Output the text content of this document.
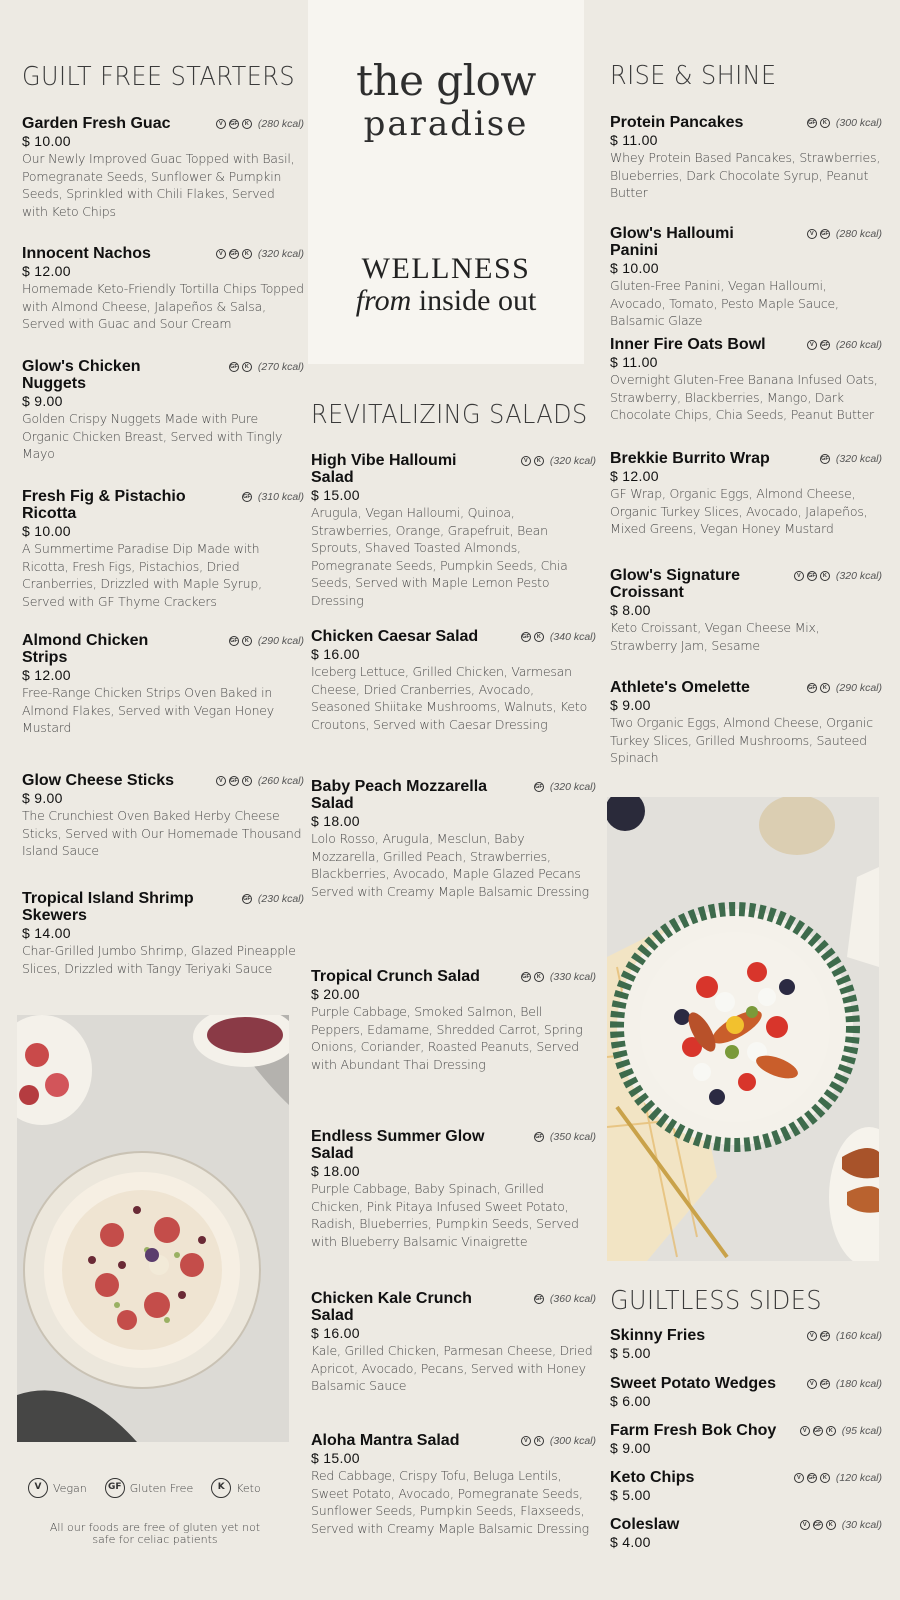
the glow
paradise
WELLNESS
from inside out
GUILT FREE STARTERS
Garden Fresh Guac	V	GF	K (280 kcal)
$ 10.00
Our Newly Improved Guac Topped with Basil, Pomegranate Seeds, Sunflower & Pumpkin Seeds, Sprinkled with Chili Flakes, Served with Keto Chips
Innocent Nachos	V	GF	K (320 kcal)
$ 12.00
Homemade Keto-Friendly Tortilla Chips Topped with Almond Cheese, Jalapeños & Salsa, Served with Guac and Sour Cream
Glow's Chicken Nuggets
GF	K (270 kcal)
$ 9.00
Golden Crispy Nuggets Made with Pure Organic Chicken Breast, Served with Tingly Mayo
Fresh Fig & Pistachio Ricotta
GF (310 kcal)
$ 10.00
A Summertime Paradise Dip Made with Ricotta, Fresh Figs, Pistachios, Dried Cranberries, Drizzled with Maple Syrup, Served with GF Thyme Crackers
Almond Chicken Strips
GF	K (290 kcal)
$ 12.00
Free-Range Chicken Strips Oven Baked in Almond Flakes, Served with Vegan Honey Mustard
Glow Cheese Sticks	V	GF	K (260 kcal)
$ 9.00
The Crunchiest Oven Baked Herby Cheese Sticks, Served with Our Homemade Thousand Island Sauce
Tropical Island Shrimp Skewers
GF (230 kcal)
$ 14.00
Char-Grilled Jumbo Shrimp, Glazed Pineapple Slices, Drizzled with Tangy Teriyaki Sauce
REVITALIZING SALADS
High Vibe Halloumi Salad
V	K (320 kcal)
$ 15.00
Arugula, Vegan Halloumi, Quinoa, Strawberries, Orange, Grapefruit, Bean Sprouts, Shaved Toasted Almonds, Pomegranate Seeds, Pumpkin Seeds, Chia Seeds, Served with Maple Lemon Pesto Dressing
Chicken Caesar Salad	GF	K (340 kcal)
$ 16.00
Iceberg Lettuce, Grilled Chicken, Varmesan Cheese, Dried Cranberries, Avocado, Seasoned Shiitake Mushrooms, Walnuts, Keto Croutons, Served with Caesar Dressing
Baby Peach Mozzarella Salad
GF (320 kcal)
$ 18.00
Lolo Rosso, Arugula, Mesclun, Baby Mozzarella, Grilled Peach, Strawberries, Blackberries, Avocado, Maple Glazed Pecans Served with Creamy Maple Balsamic Dressing
Tropical Crunch Salad	GF	K (330 kcal)
$ 20.00
Purple Cabbage, Smoked Salmon, Bell Peppers, Edamame, Shredded Carrot, Spring Onions, Coriander, Roasted Peanuts, Served with Abundant Thai Dressing
Endless Summer Glow Salad
GF (350 kcal)
$ 18.00
Purple Cabbage, Baby Spinach, Grilled Chicken, Pink Pitaya Infused Sweet Potato, Radish, Blueberries, Pumpkin Seeds, Served with Blueberry Balsamic Vinaigrette
Chicken Kale Crunch Salad
GF (360 kcal)
$ 16.00
Kale, Grilled Chicken, Parmesan Cheese, Dried Apricot, Avocado, Pecans, Served with Honey Balsamic Sauce
Aloha Mantra Salad	V	K (300 kcal)
$ 15.00
Red Cabbage, Crispy Tofu, Beluga Lentils, Sweet Potato, Avocado, Pomegranate Seeds, Sunflower Seeds, Pumpkin Seeds, Flaxseeds, Served with Creamy Maple Balsamic Dressing
RISE & SHINE
Protein Pancakes	GF	K (300 kcal)
$ 11.00
Whey Protein Based Pancakes, Strawberries, Blueberries, Dark Chocolate Syrup, Peanut Butter
Glow's Halloumi Panini
V	GF (280 kcal)
$ 10.00
Gluten-Free Panini, Vegan Halloumi, Avocado, Tomato, Pesto Maple Sauce, Balsamic Glaze
Inner Fire Oats Bowl	V	GF (260 kcal)
$ 11.00
Overnight Gluten-Free Banana Infused Oats, Strawberry, Blackberries, Mango, Dark Chocolate Chips, Chia Seeds, Peanut Butter
Brekkie Burrito Wrap	GF (320 kcal)
$ 12.00
GF Wrap, Organic Eggs, Almond Cheese, Organic Turkey Slices, Avocado, Jalapeños, Mixed Greens, Vegan Honey Mustard
Glow's Signature Croissant
V	GF	K (320 kcal)
$ 8.00
Keto Croissant, Vegan Cheese Mix, Strawberry Jam, Sesame
Athlete's Omelette	GF	K (290 kcal)
$ 9.00
Two Organic Eggs, Almond Cheese, Organic Turkey Slices, Grilled Mushrooms, Sauteed Spinach
GUILTLESS SIDES
Skinny Fries	V	GF (160 kcal)
$ 5.00
Sweet Potato Wedges	V	GF (180 kcal)
$ 6.00
Farm Fresh Bok Choy	V	GF	K (95 kcal)
$ 9.00
Keto Chips	V	GF	K (120 kcal)
$ 5.00
Coleslaw	V	GF	K (30 kcal)
$ 4.00
V	Vegan	GF Gluten Free	K	Keto
All our foods are free of gluten yet not safe for celiac patients
